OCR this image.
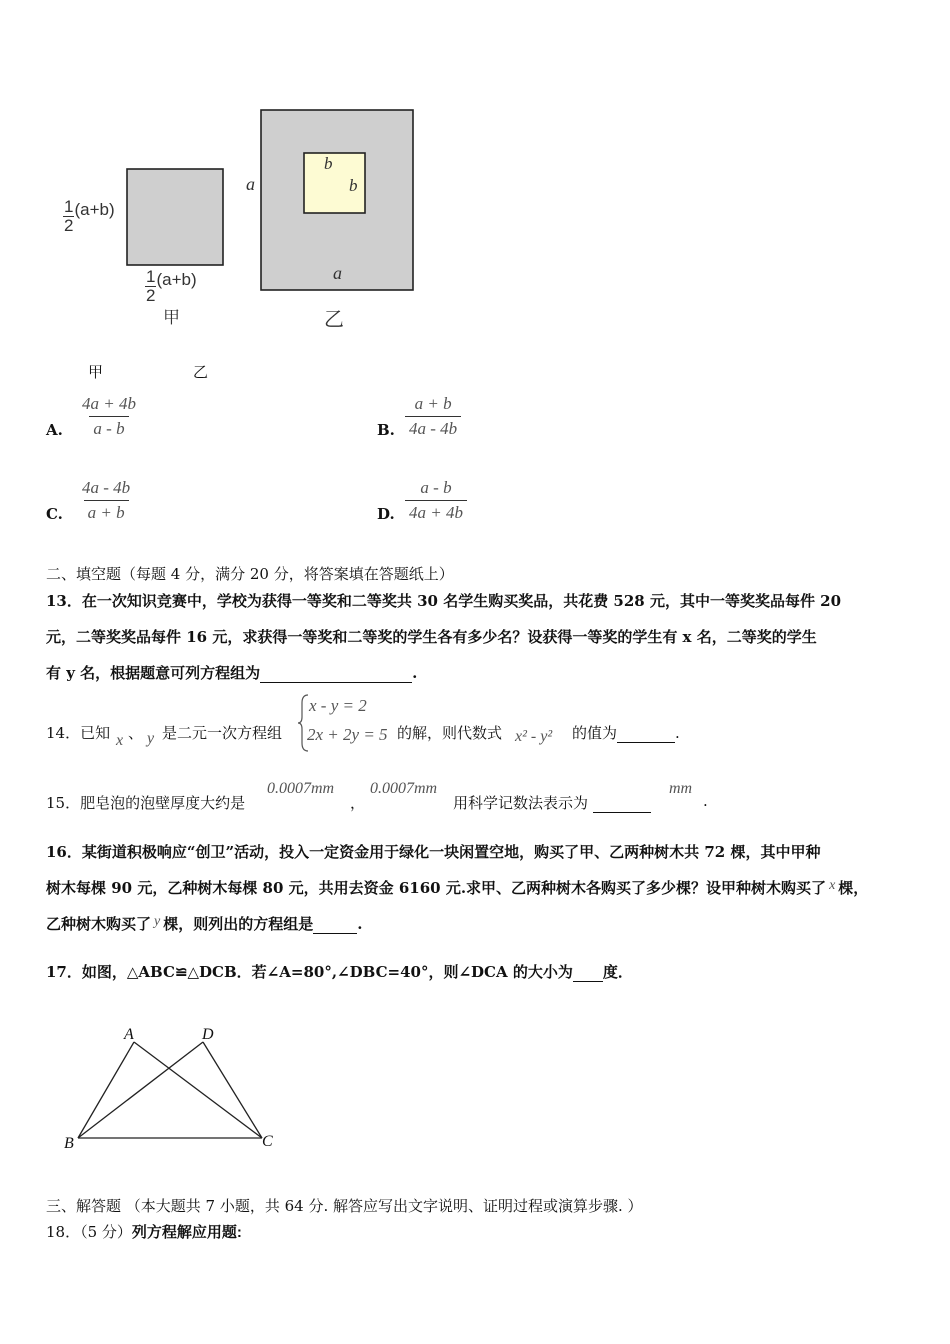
$\frac{1}{2} (a+b)$
$\frac{1}{2} (a+b)$
甲
a
a
b
b
乙
甲	乙
A. $\frac{4a + 4b}{a - b}$	B. $\frac{a + b}{4a - 4b}$
C. $\frac{4a - 4b}{a + b}$	D. $\frac{a - b}{4a + 4b}$
二、填空题（每题 4 分，满分 20 分，将答案填在答题纸上）
13．在一次知识竞赛中，学校为获得一等奖和二等奖共 30 名学生购买奖品，共花费 528 元，其中一等奖奖品每件 20
元，二等奖奖品每件 16 元，求获得一等奖和二等奖的学生各有多少名？设获得一等奖的学生有 x 名，二等奖的学生
有 y 名，根据题意可列方程组为	.
14．已知 x 、 y 是二元一次方程组
x - y = 2
2x + 2y = 5 的解，则代数式 x² - y² 的值为	.
15．肥皂泡的泡壁厚度大约是
0.0007mm
，
0.0007mm
用科学记数法表示为
mm
.
16．某街道积极响应“创卫”活动，投入一定资金用于绿化一块闲置空地，购买了甲、乙两种树木共 72 棵，其中甲种
树木每棵 90 元，乙种树木每棵 80 元，共用去资金 6160 元.求甲、乙两种树木各购买了多少棵？设甲种树木购买了 x 棵，
乙种树木购买了 y 棵，则列出的方程组是	.
17．如图，△ABC≌△DCB．若∠A=80°,∠DBC=40°，则∠DCA 的大小为 度．
A	D
B	C
三、解答题 （本大题共 7 小题，共 64 分. 解答应写出文字说明、证明过程或演算步骤. ）
18．（5 分）列方程解应用题:
